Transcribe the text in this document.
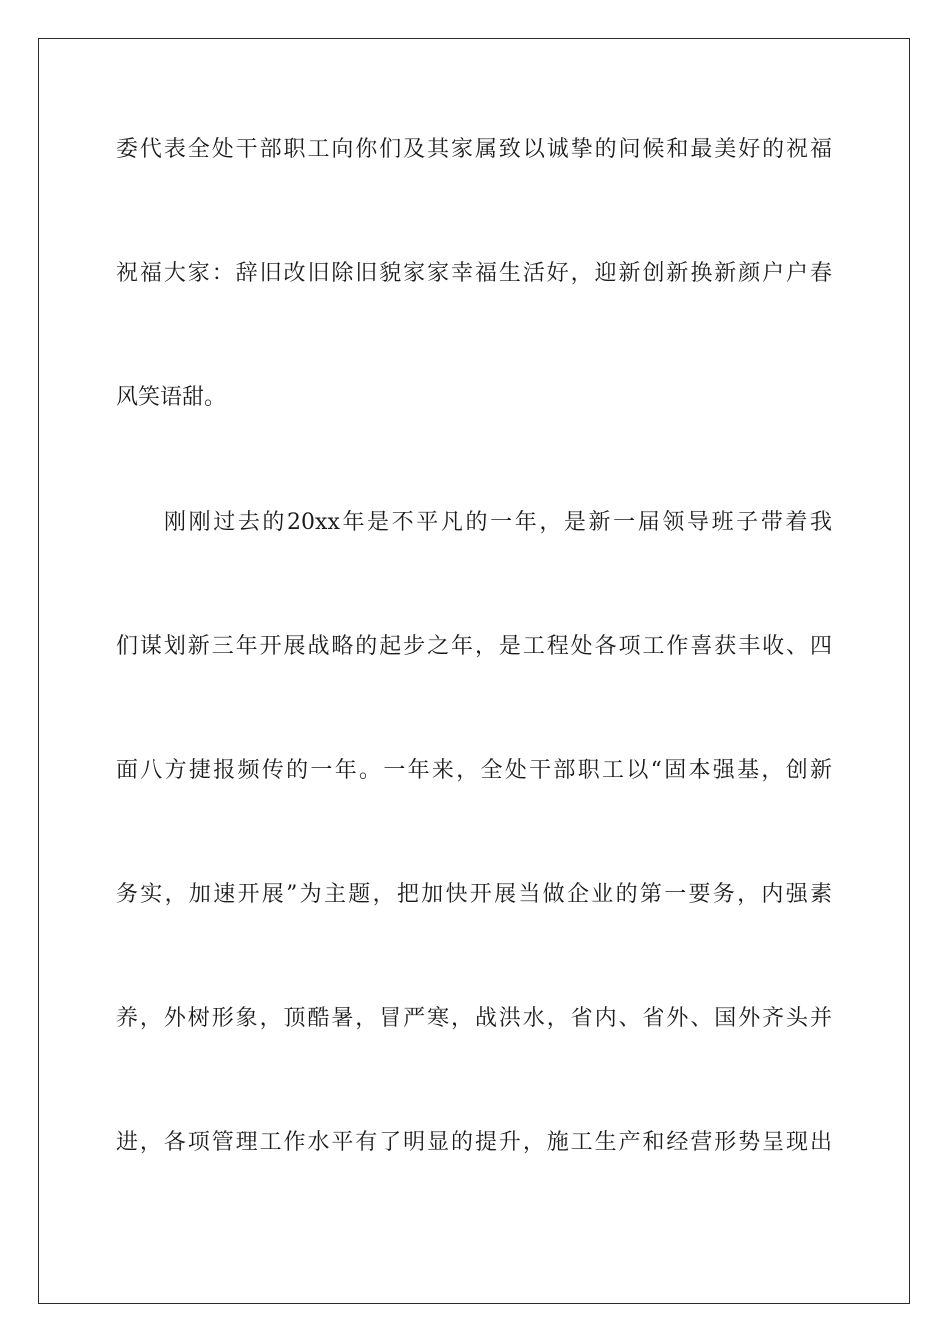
委代表全处干部职工向你们及其家属致以诚挚的问候和最美好的祝福
祝福大家：辞旧改旧除旧貌家家幸福生活好，迎新创新换新颜户户春
风笑语甜。
刚刚过去的20xx年是不平凡的一年，是新一届领导班子带着我
们谋划新三年开展战略的起步之年，是工程处各项工作喜获丰收、四
面八方捷报频传的一年。一年来，全处干部职工以“固本强基，创新
务实，加速开展”为主题，把加快开展当做企业的第一要务，内强素
养，外树形象，顶酷暑，冒严寒，战洪水，省内、省外、国外齐头并
进，各项管理工作水平有了明显的提升，施工生产和经营形势呈现出
